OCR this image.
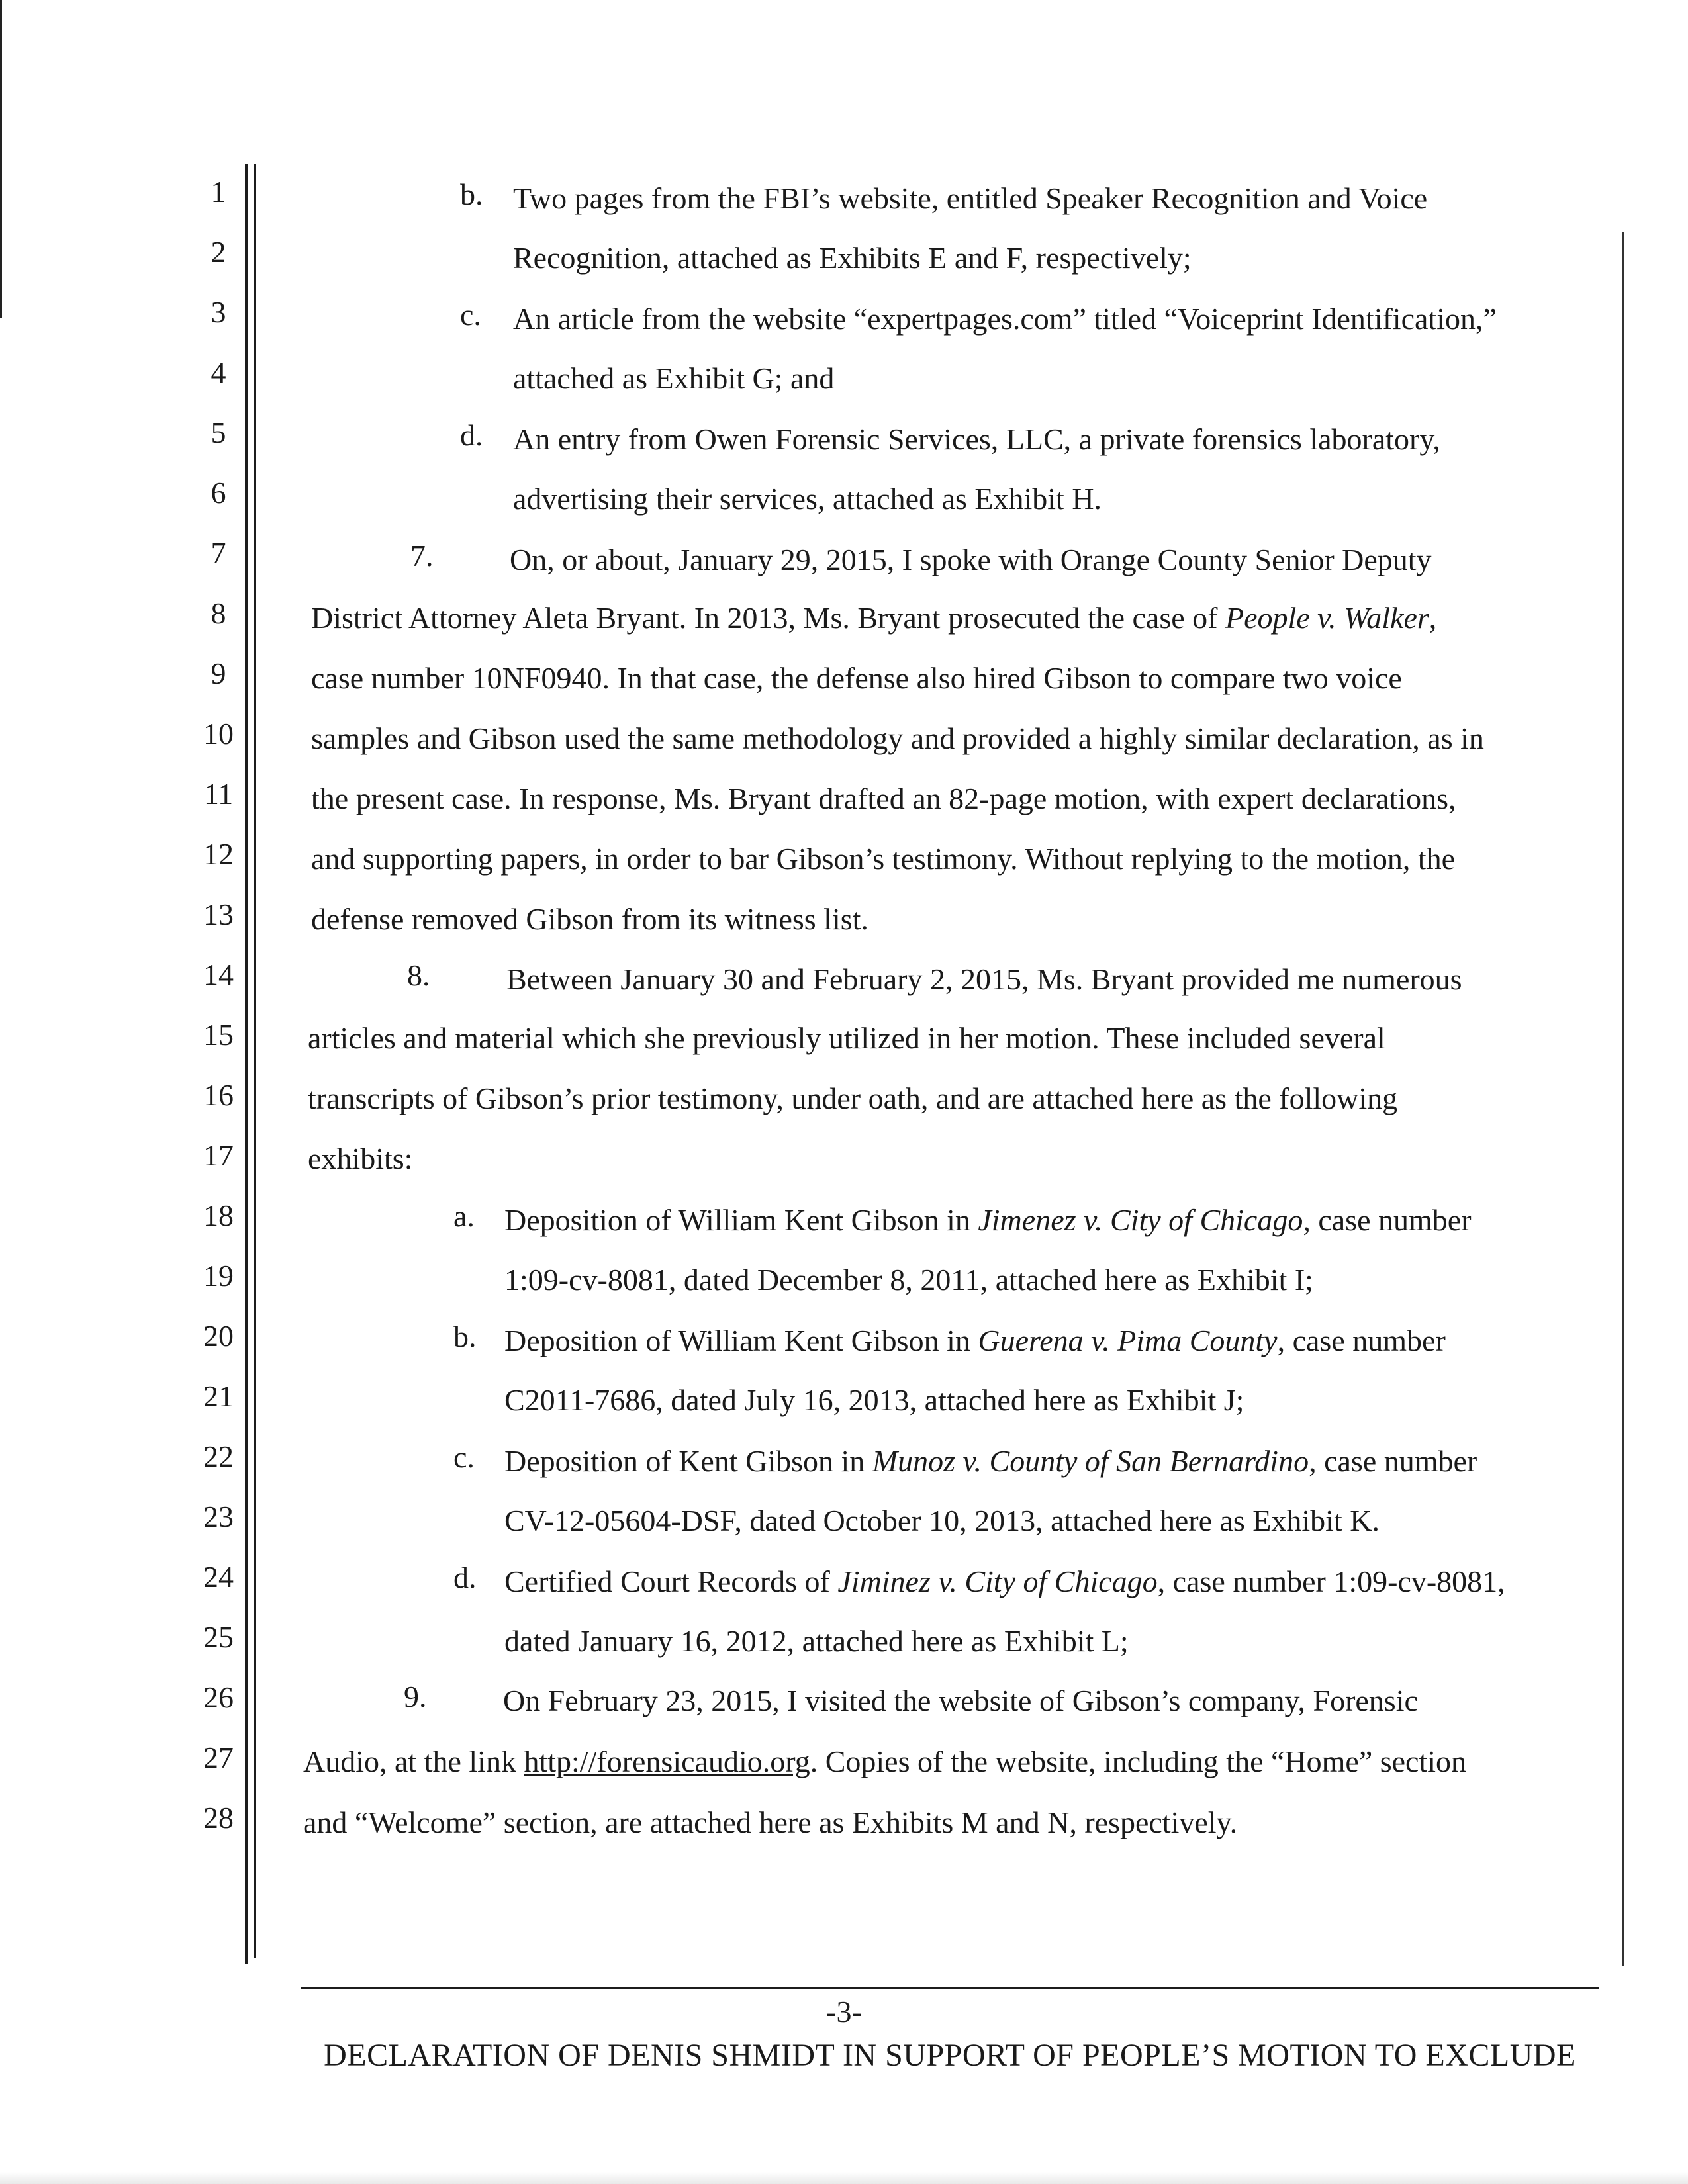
1
2
3
4
5
6
7
8
9
10
11
12
13
14
15
16
17
18
19
20
21
22
23
24
25
26
27
28
b. Two pages from the FBI’s website, entitled Speaker Recognition and Voice
Recognition, attached as Exhibits E and F, respectively;
c. An article from the website “expertpages.com” titled “Voiceprint Identification,”
attached as Exhibit G; and
d. An entry from Owen Forensic Services, LLC, a private forensics laboratory,
advertising their services, attached as Exhibit H.
7.	On, or about, January 29, 2015, I spoke with Orange County Senior Deputy
District Attorney Aleta Bryant. In 2013, Ms. Bryant prosecuted the case of People v. Walker,
case number 10NF0940. In that case, the defense also hired Gibson to compare two voice
samples and Gibson used the same methodology and provided a highly similar declaration, as in
the present case. In response, Ms. Bryant drafted an 82-page motion, with expert declarations,
and supporting papers, in order to bar Gibson’s testimony. Without replying to the motion, the
defense removed Gibson from its witness list.
8.	Between January 30 and February 2, 2015, Ms. Bryant provided me numerous
articles and material which she previously utilized in her motion. These included several
transcripts of Gibson’s prior testimony, under oath, and are attached here as the following
exhibits:
a. Deposition of William Kent Gibson in Jimenez v. City of Chicago, case number
1:09-cv-8081, dated December 8, 2011, attached here as Exhibit I;
b. Deposition of William Kent Gibson in Guerena v. Pima County, case number
C2011-7686, dated July 16, 2013, attached here as Exhibit J;
c. Deposition of Kent Gibson in Munoz v. County of San Bernardino, case number
CV-12-05604-DSF, dated October 10, 2013, attached here as Exhibit K.
d. Certified Court Records of Jiminez v. City of Chicago, case number 1:09-cv-8081,
dated January 16, 2012, attached here as Exhibit L;
9.	On February 23, 2015, I visited the website of Gibson’s company, Forensic
Audio, at the link http://forensicaudio.org. Copies of the website, including the “Home” section
and “Welcome” section, are attached here as Exhibits M and N, respectively.
-3-
DECLARATION OF DENIS SHMIDT IN SUPPORT OF PEOPLE’S MOTION TO EXCLUDE
